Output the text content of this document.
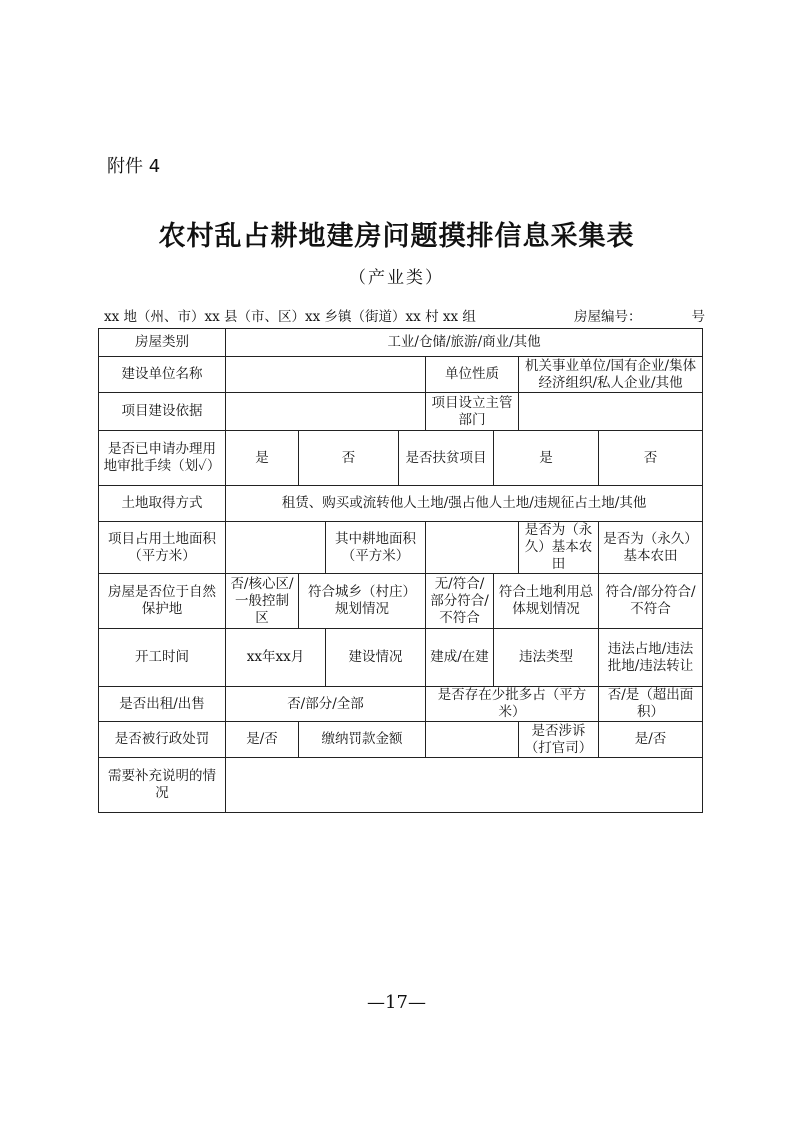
附件 4
农村乱占耕地建房问题摸排信息采集表
（产业类）
xx 地（州、市）xx 县（市、区）xx 乡镇（街道）xx 村 xx 组	房屋编号：	号
房屋类别	工业/仓储/旅游/商业/其他							
建设单位名称					单位性质		机关事业单位/国有企业/集体经济组织/私人企业/其他	
项目建设依据					项目设立主管部门			
是否已申请办理用地审批手续（划✓）	是	否		是否扶贫项目		是		否
土地取得方式	租赁、购买或流转他人土地/强占他人土地/违规征占土地/其他							
项目占用土地面积（平方米）			其中耕地面积（平方米）				是否为（永久）基本农田	是否为（永久）基本农田
房屋是否位于自然保护地	否/核心区/一般控制区	符合城乡（村庄）规划情况			无/符合/部分符合/不符合	符合土地利用总体规划情况		符合/部分符合/不符合
开工时间	xx年xx月		建设情况		建成/在建	违法类型		违法占地/违法批地/违法转让
是否出租/出售	否/部分/全部				是否存在少批多占（平方米）			否/是（超出面积）
是否被行政处罚	是/否	缴纳罚款金额					是否涉诉（打官司）	是/否
需要补充说明的情况								
—17—
